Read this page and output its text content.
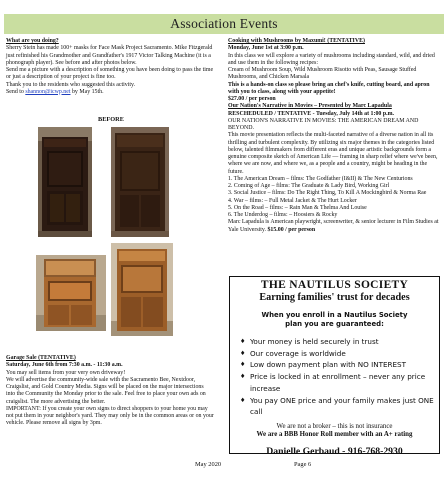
Association Events

What are you doing?

Sherry Stein has made 100+ masks for Face Mask Project Sacramento. Mike Fitzgerald just refinished his Grandmother and Grandfather's 1917 Victor Talking Machine (it is a phonograph player). See before and after photos below.

Send me a picture with a description of something you have been doing to pass the time or just a description of your project is fine too.

Thank you to the residents who suggested this activity.

Send to shannon@icwp.net by May 15th.

BEFORE

Garage Sale (TENTATIVE)

Saturday, June 6th from 7:30 a.m. - 11:30 a.m.

You may sell items from your very own driveway!

We will advertise the community-wide sale with the Sacramento Bee, Nextdoor, Craigslist, and Gold Country Media. Signs will be placed on the major intersections into the Community the Monday prior to the sale. Feel free to place your own ads on craigslist. The more advertising the better.

IMPORTANT: If you create your own signs to direct shoppers to your home you may not put them in your neighbor's yard. They may only be in the common areas or on your vehicle. Please remove all signs by 3pm.

Cooking with Mushrooms by Maxumi! (TENTATIVE)

Monday, June 1st at 3:00 p.m.

In this class we will explore a variety of mushrooms including standard, wild, and dried and use them in the following recipes:

Cream of Mushroom Soup, Wild Mushroom Risotto with Peas, Sausage Stuffed Mushrooms, and Chicken Marsala

This is a hands-on class so please bring an chef's knife, cutting board, and apron with you to class, along with your appetite!

$27.00 / per person

Our Nation's Narrative in Movies – Presented by Marc Lapadula

RESCHEDULED / TENTATIVE - Tuesday, July 14th at 1:00 p.m.

OUR NATION'S NARRATIVE IN MOVIES: THE AMERICAN DREAM AND BEYOND.

This movie presentation reflects the multi-faceted narrative of a diverse nation in all its thrilling and turbulent complexity. By utilizing six major themes in the categories listed below, talented filmmakers from different eras and unique artistic backgrounds form a genuine composite sketch of American Life — framing in sharp relief where we've been, where we are now, and where we, as a people and a country, might be heading in the future.

1. The American Dream – films: The Godfather (I&II) & The New Centurions

2. Coming of Age – films: The Graduate & Lady Bird, Working Girl

3. Social Justice – films: Do The Right Thing, To Kill A Mockingbird & Norma Rae

4. War – films: – Full Metal Jacket & The Hurt Locker

5. On the Road – films: – Rain Man & Thelma And Louise

6. The Underdog – films: – Hoosiers & Rocky

Marc Lapadula is American playwright, screenwriter, & senior lecturer in Film Studies at Yale University. $15.00 / per person

THE NAUTILUS SOCIETY
Earning families' trust for decades
When you enroll in a Nautilus Society
plan you are guaranteed:
♦ Your money is held securely in trust
♦ Our coverage is worldwide
♦ Low down payment plan with NO INTEREST
♦ Price is locked in at enrollment – never any price increase
♦ You pay ONE price and your family makes just ONE call
We are not a broker – this is not insurance
We are a BBB Honor Roll member with an A+ rating
Danielle Gerbaud - 916-768-2930
May 2020	Page 6
